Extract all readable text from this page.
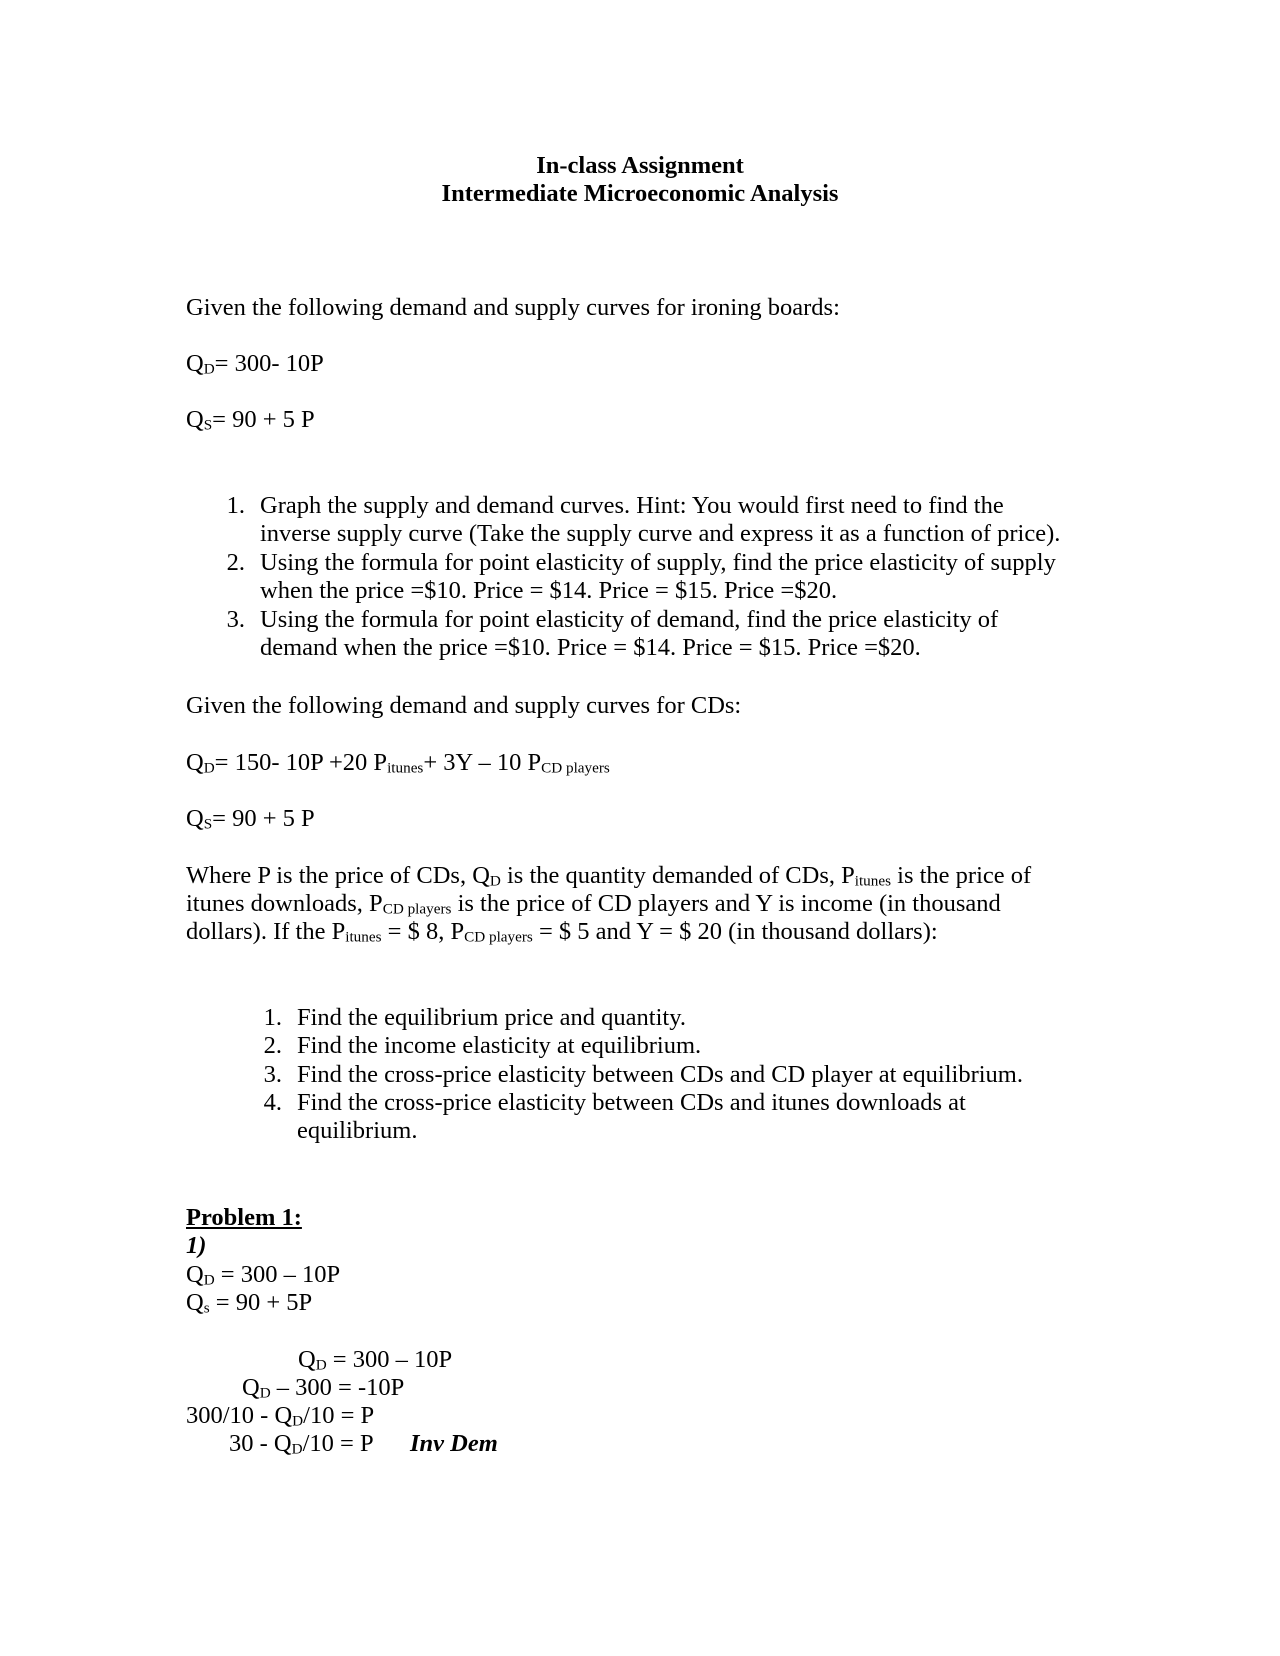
In-class Assignment
Intermediate Microeconomic Analysis
Given the following demand and supply curves for ironing boards:
QD= 300- 10P
QS= 90 + 5 P
1. Graph the supply and demand curves. Hint: You would first need to find the
inverse supply curve (Take the supply curve and express it as a function of price).
2. Using the formula for point elasticity of supply, find the price elasticity of supply
when the price =$10. Price = $14. Price = $15. Price =$20.
3. Using the formula for point elasticity of demand, find the price elasticity of
demand when the price =$10. Price = $14. Price = $15. Price =$20.
Given the following demand and supply curves for CDs:
QD= 150- 10P +20 Pitunes+ 3Y – 10 PCD players
QS= 90 + 5 P
Where P is the price of CDs, QD is the quantity demanded of CDs, Pitunes is the price of
itunes downloads, PCD players is the price of CD players and Y is income (in thousand
dollars). If the Pitunes = $ 8, PCD players = $ 5 and Y = $ 20 (in thousand dollars):
1. Find the equilibrium price and quantity.
2. Find the income elasticity at equilibrium.
3. Find the cross-price elasticity between CDs and CD player at equilibrium.
4. Find the cross-price elasticity between CDs and itunes downloads at
equilibrium.
Problem 1:
1)
QD = 300 – 10P
Qs = 90 + 5P
QD = 300 – 10P
QD – 300 = -10P
300/10 - QD/10 = P
30 - QD/10 = P Inv Dem
